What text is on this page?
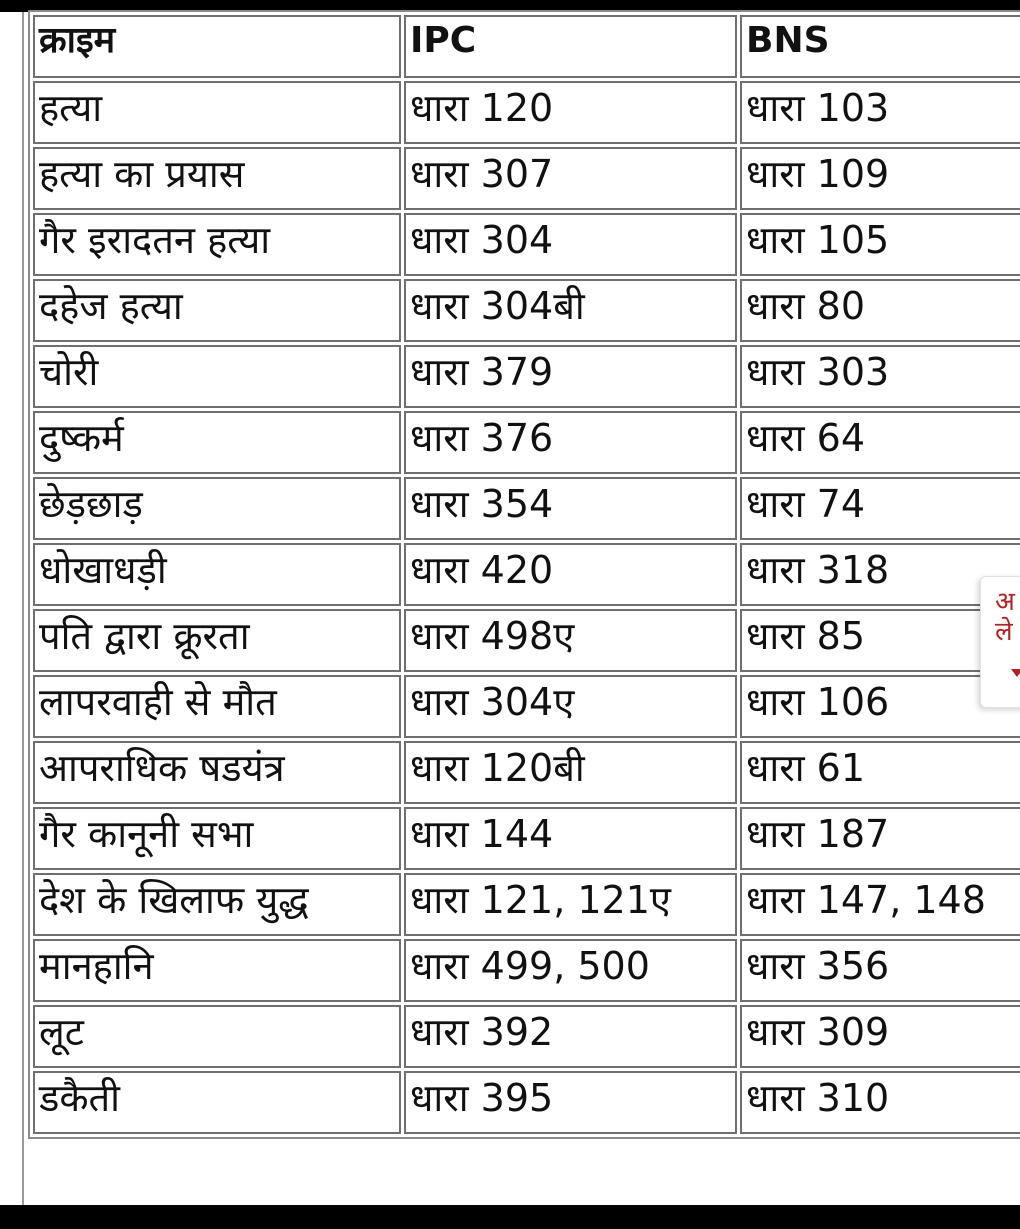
क्राइम	IPC	BNS
हत्या	धारा 120	धारा 103
हत्या का प्रयास	धारा 307	धारा 109
गैर इरादतन हत्या	धारा 304	धारा 105
दहेज हत्या	धारा 304बी	धारा 80
चोरी	धारा 379	धारा 303
दुष्कर्म	धारा 376	धारा 64
छेड़छाड़	धारा 354	धारा 74
धोखाधड़ी	धारा 420	धारा 318
पति द्वारा क्रूरता	धारा 498ए	धारा 85
लापरवाही से मौत	धारा 304ए	धारा 106
आपराधिक षडयंत्र	धारा 120बी	धारा 61
गैर कानूनी सभा	धारा 144	धारा 187
देश के खिलाफ युद्ध	धारा 121, 121ए	धारा 147, 148
मानहानि	धारा 499, 500	धारा 356
लूट	धारा 392	धारा 309
डकैती	धारा 395	धारा 310
अ
ले
